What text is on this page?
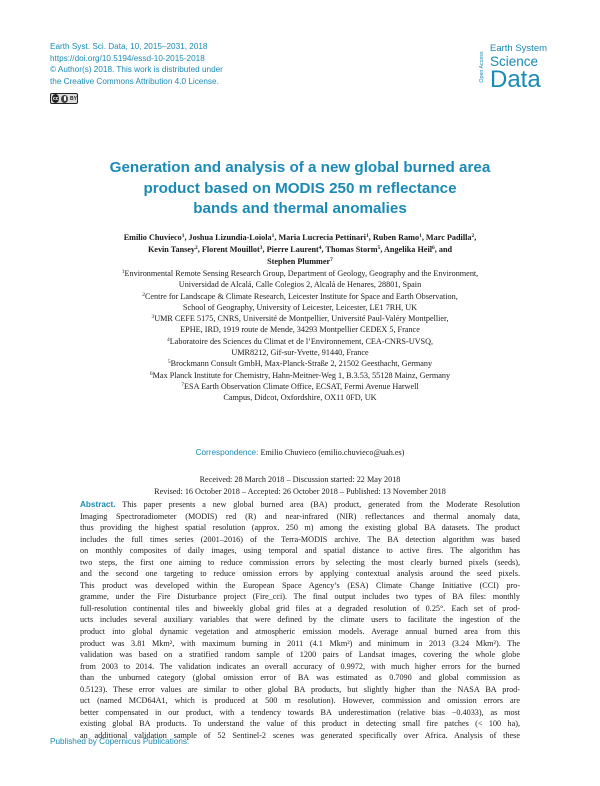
Earth Syst. Sci. Data, 10, 2015–2031, 2018
https://doi.org/10.5194/essd-10-2015-2018
© Author(s) 2018. This work is distributed under
the Creative Commons Attribution 4.0 License.
cc BY
Open Access
Earth System
Science
Data
Generation and analysis of a new global burned area
product based on MODIS 250 m reflectance
bands and thermal anomalies
Emilio Chuvieco$^1$, Joshua Lizundia-Loiola$^1$, Maria Lucrecia Pettinari$^1$, Ruben Ramo$^1$, Marc Padilla$^2$,
Kevin Tansey$^2$, Florent Mouillot$^3$, Pierre Laurent$^4$, Thomas Storm$^5$, Angelika Heil$^6$, and
Stephen Plummer$^7$
$^1$Environmental Remote Sensing Research Group, Department of Geology, Geography and the Environment,
Universidad de Alcalá, Calle Colegios 2, Alcalá de Henares, 28801, Spain
$^2$Centre for Landscape & Climate Research, Leicester Institute for Space and Earth Observation,
School of Geography, University of Leicester, Leicester, LE1 7RH, UK
$^3$UMR CEFE 5175, CNRS, Université de Montpellier, Université Paul-Valéry Montpellier,
EPHE, IRD, 1919 route de Mende, 34293 Montpellier CEDEX 5, France
$^4$Laboratoire des Sciences du Climat et de l’Environnement, CEA-CNRS-UVSQ,
UMR8212, Gif-sur-Yvette, 91440, France
$^5$Brockmann Consult GmbH, Max-Planck-Straße 2, 21502 Geesthacht, Germany
$^6$Max Planck Institute for Chemistry, Hahn-Meitner-Weg 1, B.3.53, 55128 Mainz, Germany
$^7$ESA Earth Observation Climate Office, ECSAT, Fermi Avenue Harwell
Campus, Didcot, Oxfordshire, OX11 0FD, UK
Correspondence: Emilio Chuvieco (emilio.chuvieco@uah.es)
Received: 28 March 2018 – Discussion started: 22 May 2018
Revised: 16 October 2018 – Accepted: 26 October 2018 – Published: 13 November 2018
Abstract. This paper presents a new global burned area (BA) product, generated from the Moderate Resolution
Imaging Spectroradiometer (MODIS) red (R) and near-infrared (NIR) reflectances and thermal anomaly data,
thus providing the highest spatial resolution (approx. 250 m) among the existing global BA datasets. The product
includes the full times series (2001–2016) of the Terra-MODIS archive. The BA detection algorithm was based
on monthly composites of daily images, using temporal and spatial distance to active fires. The algorithm has
two steps, the first one aiming to reduce commission errors by selecting the most clearly burned pixels (seeds),
and the second one targeting to reduce omission errors by applying contextual analysis around the seed pixels.
This product was developed within the European Space Agency’s (ESA) Climate Change Initiative (CCI) pro-
gramme, under the Fire Disturbance project (Fire_cci). The final output includes two types of BA files: monthly
full-resolution continental tiles and biweekly global grid files at a degraded resolution of 0.25°. Each set of prod-
ucts includes several auxiliary variables that were defined by the climate users to facilitate the ingestion of the
product into global dynamic vegetation and atmospheric emission models. Average annual burned area from this
product was 3.81 Mkm², with maximum burning in 2011 (4.1 Mkm²) and minimum in 2013 (3.24 Mkm²). The
validation was based on a stratified random sample of 1200 pairs of Landsat images, covering the whole globe
from 2003 to 2014. The validation indicates an overall accuracy of 0.9972, with much higher errors for the burned
than the unburned category (global omission error of BA was estimated as 0.7090 and global commission as
0.5123). These error values are similar to other global BA products, but slightly higher than the NASA BA prod-
uct (named MCD64A1, which is produced at 500 m resolution). However, commission and omission errors are
better compensated in our product, with a tendency towards BA underestimation (relative bias −0.4033), as most
existing global BA products. To understand the value of this product in detecting small fire patches (< 100 ha),
an additional validation sample of 52 Sentinel-2 scenes was generated specifically over Africa. Analysis of these
Published by Copernicus Publications.
